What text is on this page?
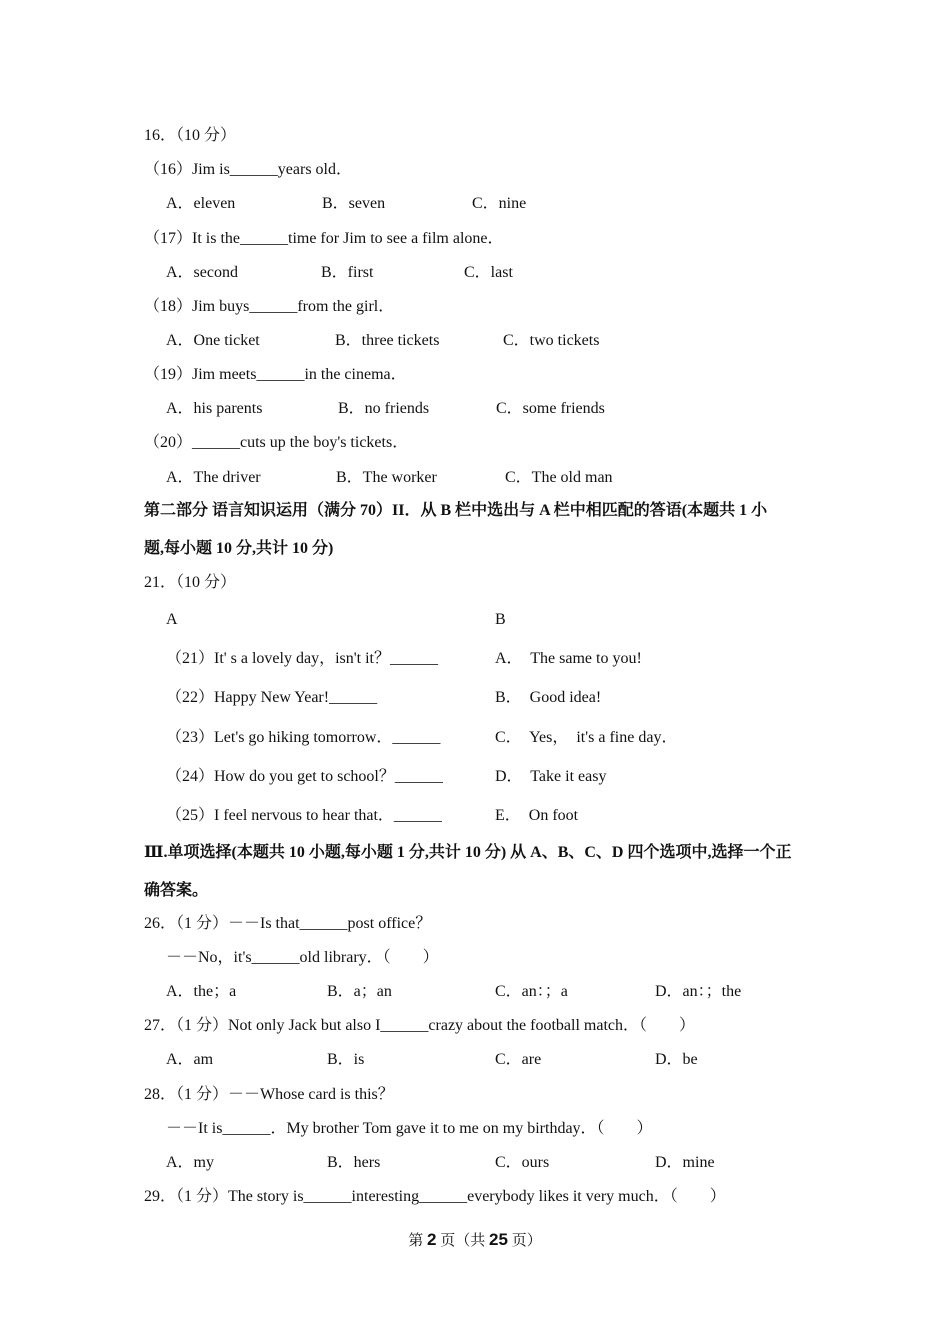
16．（10 分）
（16）Jim is______years old．
A．eleven	B．seven	C．nine
（17）It is the______time for Jim to see a film alone．
A．second	B．first	C．last
（18）Jim buys______from the girl．
A．One ticket	B．three tickets	C．two tickets
（19）Jim meets______in the cinema．
A．his parents	B．no friends	C．some friends
（20）______cuts up the boy's tickets．
A．The driver	B．The worker	C．The old man
第二部分 语言知识运用（满分 70）II．从 B 栏中选出与 A 栏中相匹配的答语(本题共 1 小
题,每小题 10 分,共计 10 分)
21．（10 分）
A	B
（21）It' s a lovely day，isn't it？______	A．  The same to you!
（22）Happy New Year!______	B．  Good idea!
（23）Let's go hiking tomorrow．______	C．  Yes，  it's a fine day．
（24）How do you get to school？______	D．  Take it easy
（25）I feel nervous to hear that．______	E．  On foot
Ⅲ.单项选择(本题共 10 小题,每小题 1 分,共计 10 分) 从 A、B、C、D 四个选项中,选择一个正
确答案。
26．（1 分）－－Is that______post office？
－－No，it's______old library．（　　）
A．the；a	B．a；an	C．an：；a	D．an：；the
27．（1 分）Not only Jack but also I______crazy about the football match．（　　）
A．am	B．is	C．are	D．be
28．（1 分）－－Whose card is this？
－－It is______．My brother Tom gave it to me on my birthday．（　　）
A．my	B．hers	C．ours	D．mine
29．（1 分）The story is______interesting______everybody likes it very much．（　　）
第 2 页（共 25 页）
